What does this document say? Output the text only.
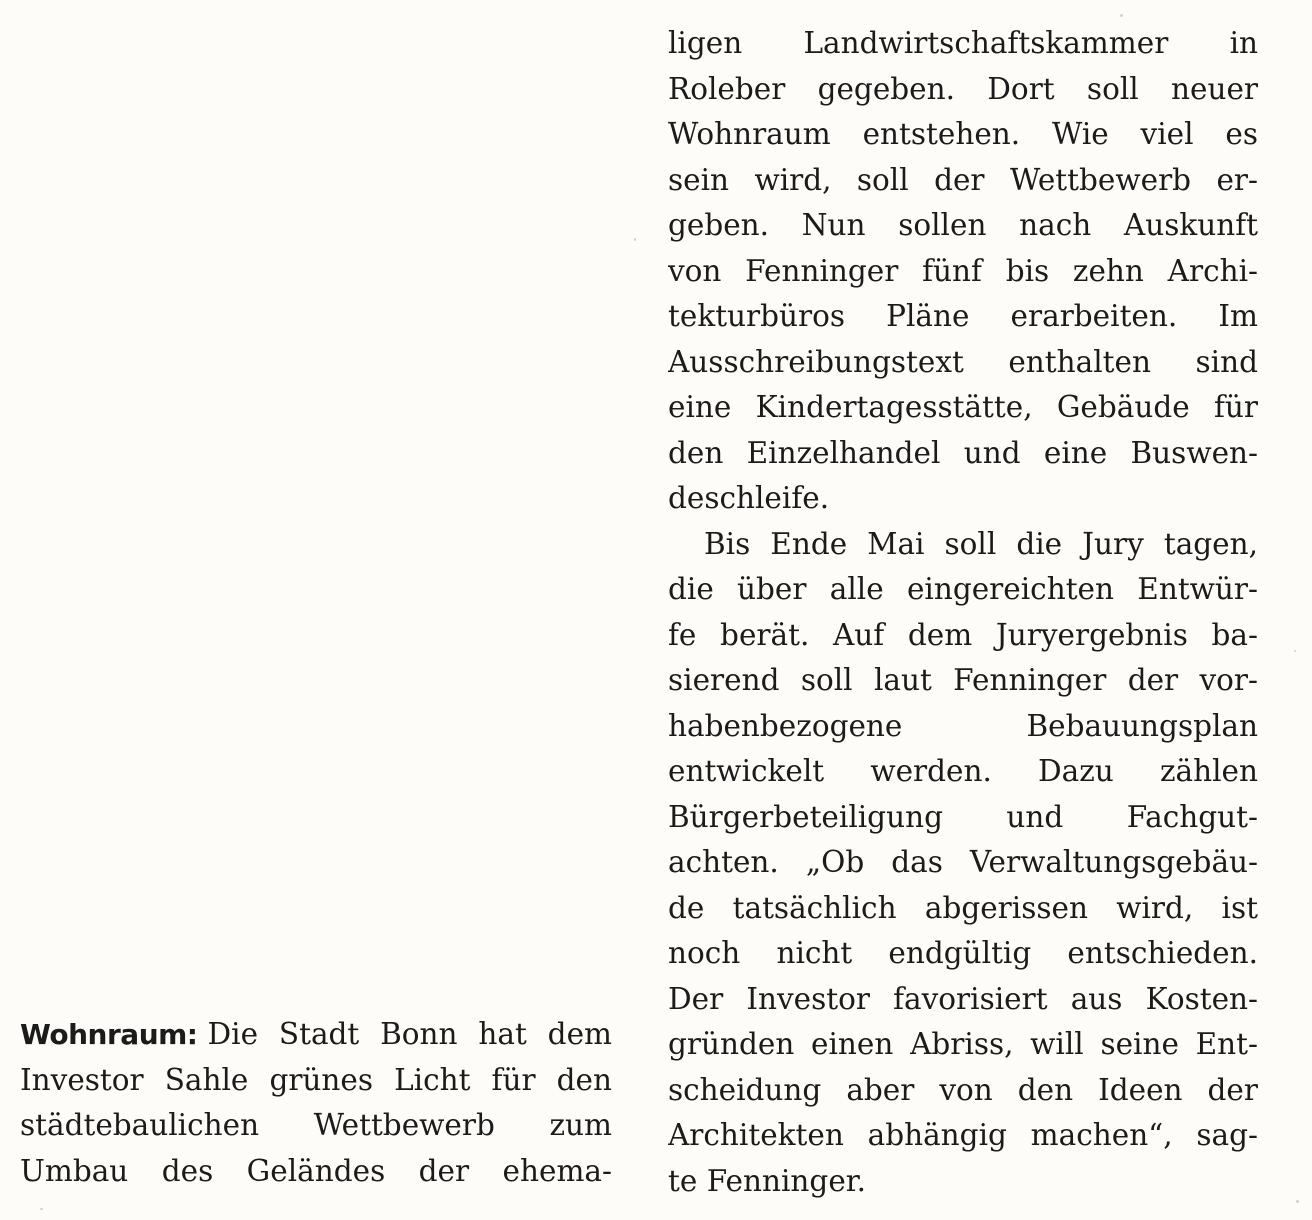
Wohnraum: Die Stadt Bonn hat dem
Investor Sahle grünes Licht für den
städtebaulichen Wettbewerb zum
Umbau des Geländes der ehema-
ligen Landwirtschaftskammer in
Roleber gegeben. Dort soll neuer
Wohnraum entstehen. Wie viel es
sein wird, soll der Wettbewerb er-
geben. Nun sollen nach Auskunft
von Fenninger fünf bis zehn Archi-
tekturbüros Pläne erarbeiten. Im
Ausschreibungstext enthalten sind
eine Kindertagesstätte, Gebäude für
den Einzelhandel und eine Buswen-
deschleife.
Bis Ende Mai soll die Jury tagen,
die über alle eingereichten Entwür-
fe berät. Auf dem Juryergebnis ba-
sierend soll laut Fenninger der vor-
habenbezogene Bebauungsplan
entwickelt werden. Dazu zählen
Bürgerbeteiligung und Fachgut-
achten. „Ob das Verwaltungsgebäu-
de tatsächlich abgerissen wird, ist
noch nicht endgültig entschieden.
Der Investor favorisiert aus Kosten-
gründen einen Abriss, will seine Ent-
scheidung aber von den Ideen der
Architekten abhängig machen“, sag-
te Fenninger.
